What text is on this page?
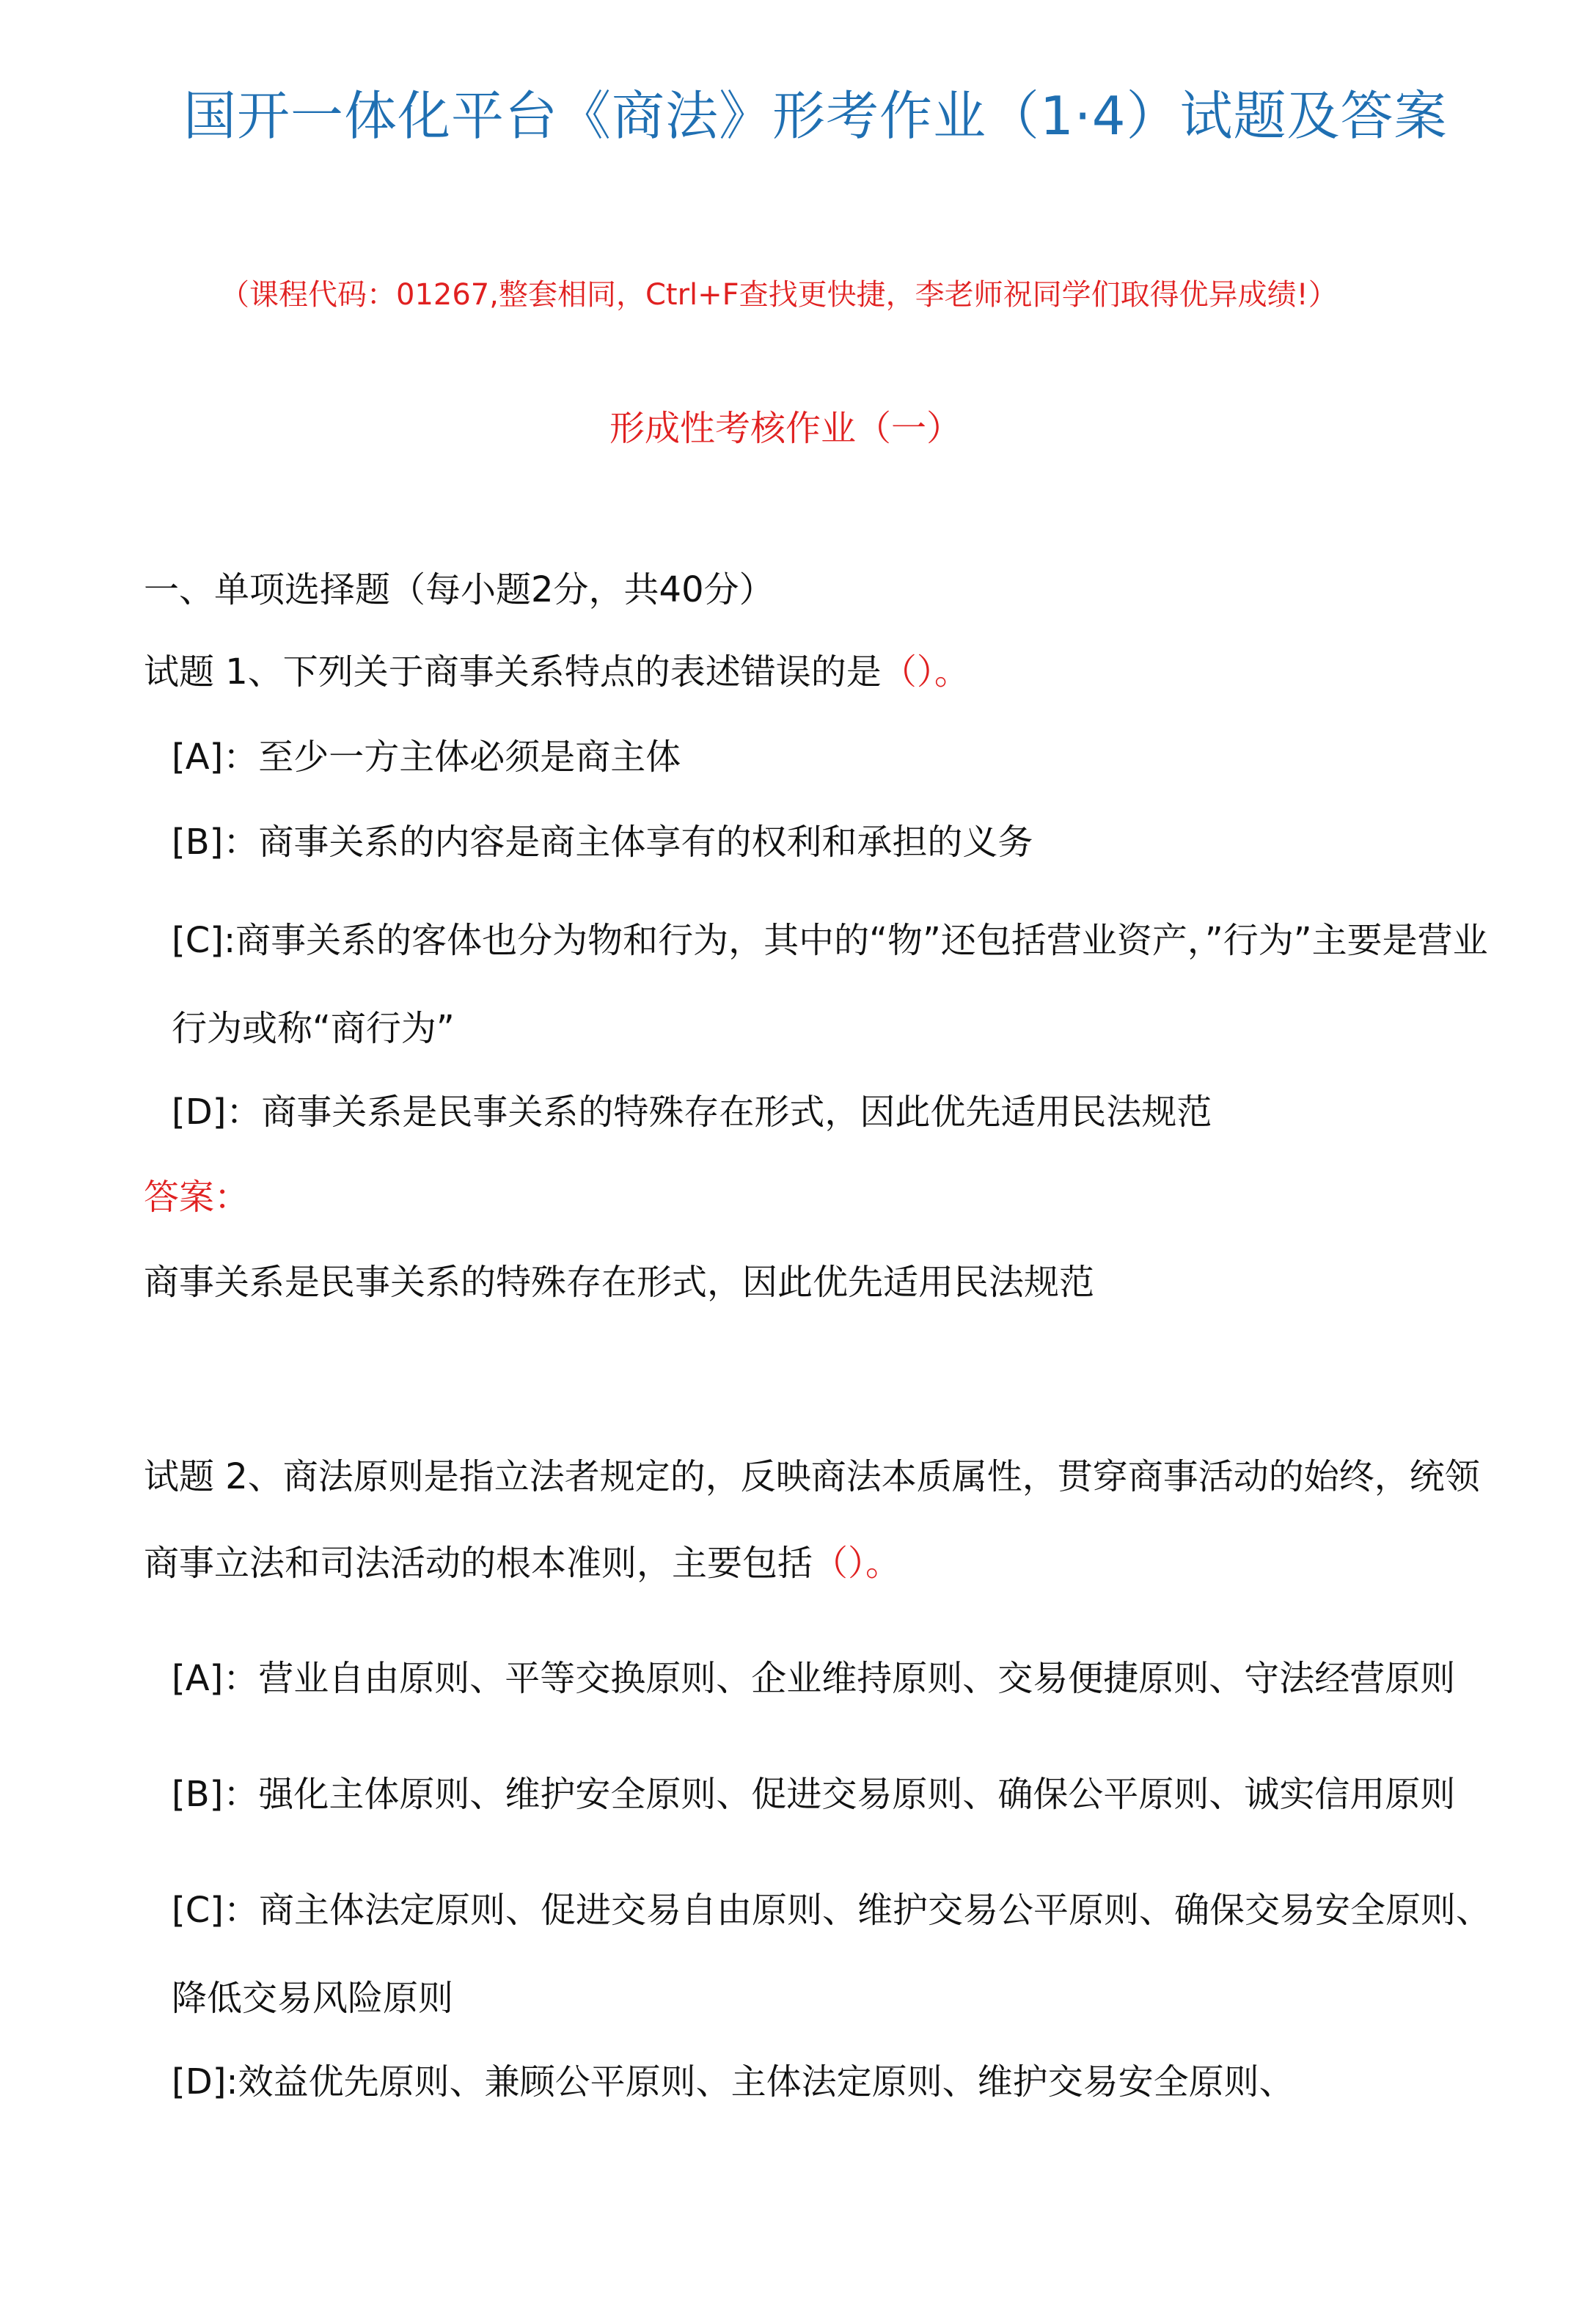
国开一体化平台《商法》形考作业（1·4）试题及答案

（课程代码：01267,整套相同，Ctrl+F查找更快捷，李老师祝同学们取得优异成绩!）

形成性考核作业（一）

一、单项选择题（每小题2分，共40分）

试题 1、下列关于商事关系特点的表述错误的是（）。

[A]：至少一方主体必须是商主体

[B]：商事关系的内容是商主体享有的权利和承担的义务

[C]:商事关系的客体也分为物和行为，其中的“物”还包括营业资产，”行为”主要是营业行为或称“商行为”

[D]：商事关系是民事关系的特殊存在形式，因此优先适用民法规范

答案：

商事关系是民事关系的特殊存在形式，因此优先适用民法规范

试题 2、商法原则是指立法者规定的，反映商法本质属性，贯穿商事活动的始终，统领商事立法和司法活动的根本准则，主要包括（）。

[A]：营业自由原则、平等交换原则、企业维持原则、交易便捷原则、守法经营原则

[B]：强化主体原则、维护安全原则、促进交易原则、确保公平原则、诚实信用原则

[C]：商主体法定原则、促进交易自由原则、维护交易公平原则、确保交易安全原则、降低交易风险原则

[D]:效益优先原则、兼顾公平原则、主体法定原则、维护交易安全原则、
